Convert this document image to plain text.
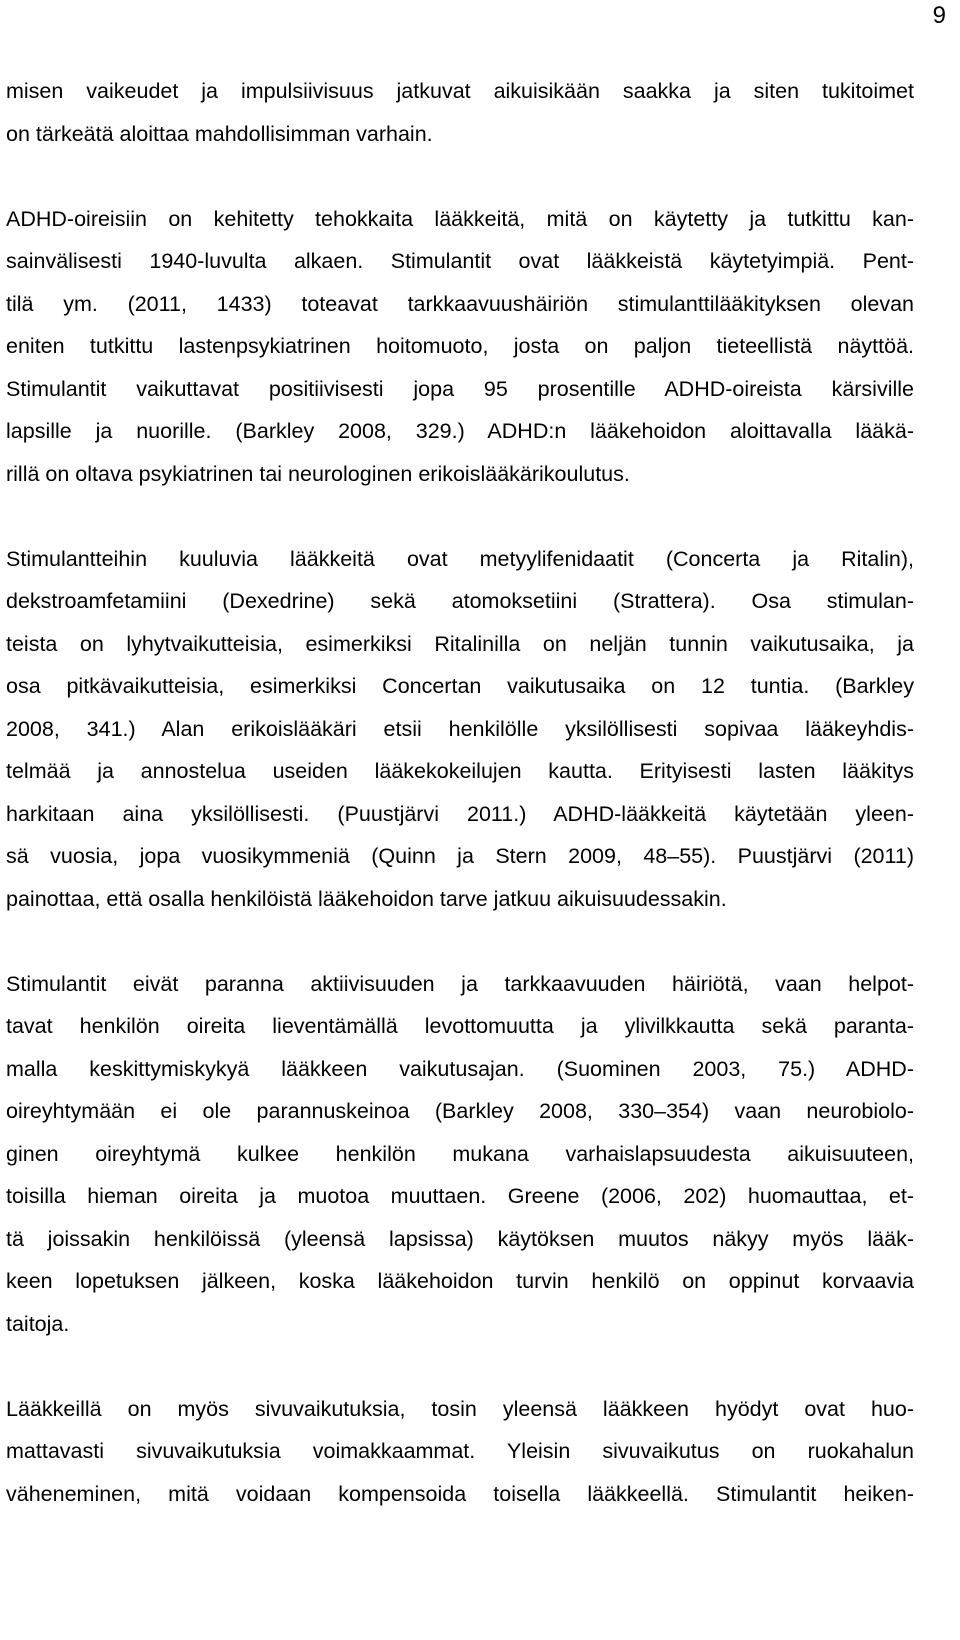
9
misen vaikeudet ja impulsiivisuus jatkuvat aikuisikään saakka ja siten tukitoimet
on tärkeätä aloittaa mahdollisimman varhain.
ADHD-oireisiin on kehitetty tehokkaita lääkkeitä, mitä on käytetty ja tutkittu kan-
sainvälisesti 1940-luvulta alkaen. Stimulantit ovat lääkkeistä käytetyimpiä. Pent-
tilä ym. (2011, 1433) toteavat tarkkaavuushäiriön stimulanttilääkityksen olevan
eniten tutkittu lastenpsykiatrinen hoitomuoto, josta on paljon tieteellistä näyttöä.
Stimulantit vaikuttavat positiivisesti jopa 95 prosentille ADHD-oireista kärsiville
lapsille ja nuorille. (Barkley 2008, 329.) ADHD:n lääkehoidon aloittavalla lääkä-
rillä on oltava psykiatrinen tai neurologinen erikoislääkärikoulutus.
Stimulantteihin kuuluvia lääkkeitä ovat metyylifenidaatit (Concerta ja Ritalin),
dekstroamfetamiini (Dexedrine) sekä atomoksetiini (Strattera). Osa stimulan-
teista on lyhytvaikutteisia, esimerkiksi Ritalinilla on neljän tunnin vaikutusaika, ja
osa pitkävaikutteisia, esimerkiksi Concertan vaikutusaika on 12 tuntia. (Barkley
2008, 341.) Alan erikoislääkäri etsii henkilölle yksilöllisesti sopivaa lääkeyhdis-
telmää ja annostelua useiden lääkekokeilujen kautta. Erityisesti lasten lääkitys
harkitaan aina yksilöllisesti. (Puustjärvi 2011.) ADHD-lääkkeitä käytetään yleen-
sä vuosia, jopa vuosikymmeniä (Quinn ja Stern 2009, 48–55). Puustjärvi (2011)
painottaa, että osalla henkilöistä lääkehoidon tarve jatkuu aikuisuudessakin.
Stimulantit eivät paranna aktiivisuuden ja tarkkaavuuden häiriötä, vaan helpot-
tavat henkilön oireita lieventämällä levottomuutta ja ylivilkkautta sekä paranta-
malla keskittymiskykyä lääkkeen vaikutusajan. (Suominen 2003, 75.) ADHD-
oireyhtymään ei ole parannuskeinoa (Barkley 2008, 330–354) vaan neurobiolo-
ginen oireyhtymä kulkee henkilön mukana varhaislapsuudesta aikuisuuteen,
toisilla hieman oireita ja muotoa muuttaen. Greene (2006, 202) huomauttaa, et-
tä joissakin henkilöissä (yleensä lapsissa) käytöksen muutos näkyy myös lääk-
keen lopetuksen jälkeen, koska lääkehoidon turvin henkilö on oppinut korvaavia
taitoja.
Lääkkeillä on myös sivuvaikutuksia, tosin yleensä lääkkeen hyödyt ovat huo-
mattavasti sivuvaikutuksia voimakkaammat. Yleisin sivuvaikutus on ruokahalun
väheneminen, mitä voidaan kompensoida toisella lääkkeellä. Stimulantit heiken-
